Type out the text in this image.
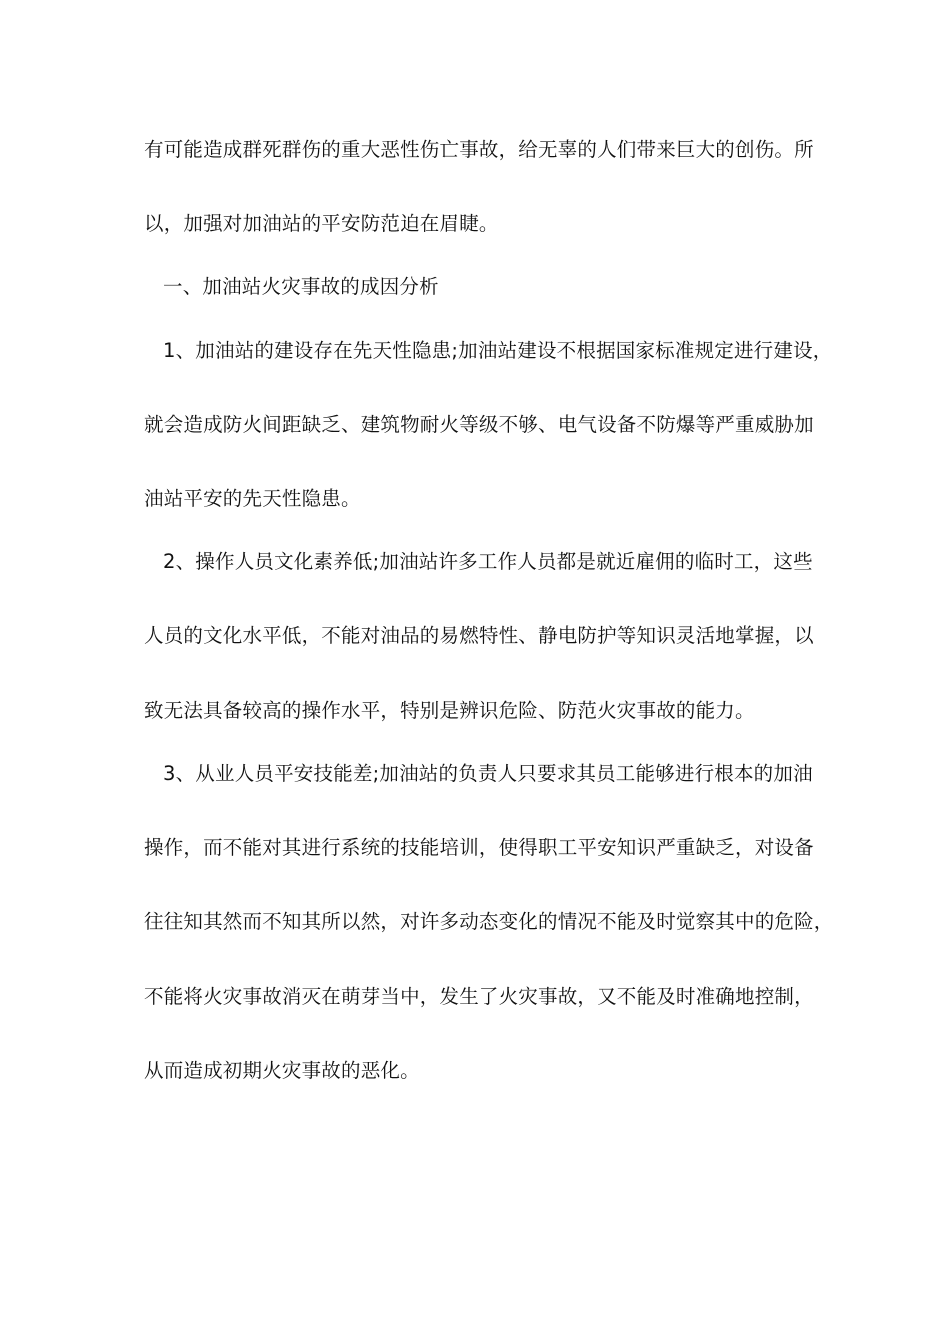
有可能造成群死群伤的重大恶性伤亡事故，给无辜的人们带来巨大的创伤。所
以，加强对加油站的平安防范迫在眉睫。
一、加油站火灾事故的成因分析
1、加油站的建设存在先天性隐患;加油站建设不根据国家标准规定进行建设，
就会造成防火间距缺乏、建筑物耐火等级不够、电气设备不防爆等严重威胁加
油站平安的先天性隐患。
2、操作人员文化素养低;加油站许多工作人员都是就近雇佣的临时工，这些
人员的文化水平低，不能对油品的易燃特性、静电防护等知识灵活地掌握，以
致无法具备较高的操作水平，特别是辨识危险、防范火灾事故的能力。
3、从业人员平安技能差;加油站的负责人只要求其员工能够进行根本的加油
操作，而不能对其进行系统的技能培训，使得职工平安知识严重缺乏，对设备
往往知其然而不知其所以然，对许多动态变化的情况不能及时觉察其中的危险，
不能将火灾事故消灭在萌芽当中，发生了火灾事故，又不能及时准确地控制，
从而造成初期火灾事故的恶化。
